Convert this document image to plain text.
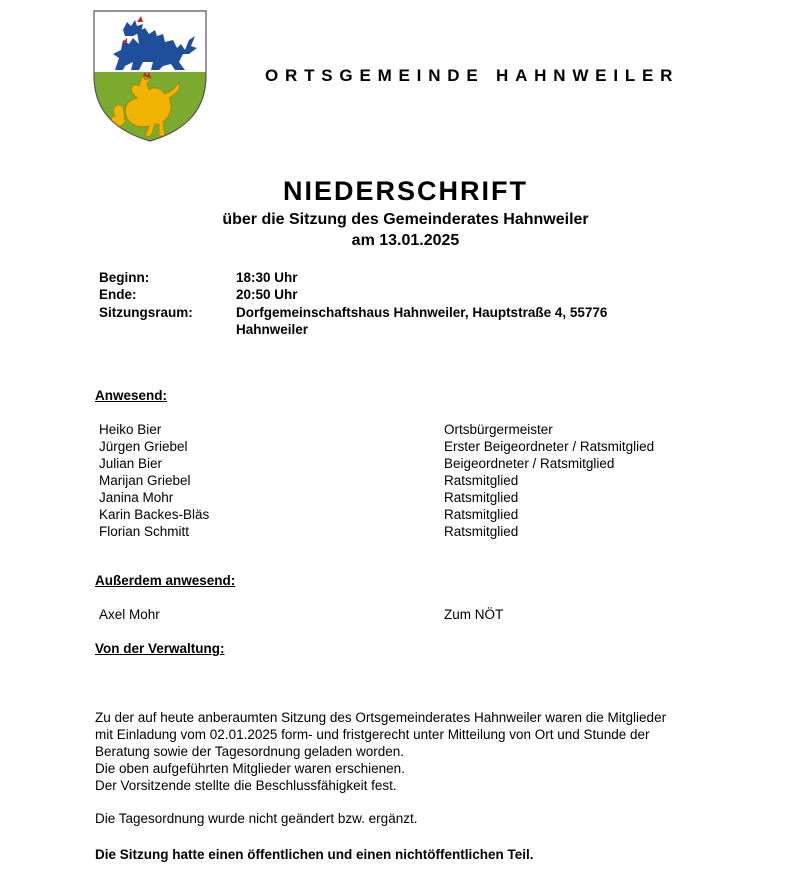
ORTSGEMEINDE HAHNWEILER
NIEDERSCHRIFT
über die Sitzung des Gemeinderates Hahnweiler
am 13.01.2025
Beginn:	18:30 Uhr
Ende:	20:50 Uhr
Sitzungsraum:	Dorfgemeinschaftshaus Hahnweiler, Hauptstraße 4, 55776 Hahnweiler
Anwesend:
Heiko Bier	Ortsbürgermeister
Jürgen Griebel	Erster Beigeordneter / Ratsmitglied
Julian Bier	Beigeordneter / Ratsmitglied
Marijan Griebel	Ratsmitglied
Janina Mohr	Ratsmitglied
Karin Backes-Bläs	Ratsmitglied
Florian Schmitt	Ratsmitglied
Außerdem anwesend:
Axel Mohr	Zum NÖT
Von der Verwaltung:
Zu der auf heute anberaumten Sitzung des Ortsgemeinderates Hahnweiler waren die Mitglieder
mit Einladung vom 02.01.2025 form- und fristgerecht unter Mitteilung von Ort und Stunde der
Beratung sowie der Tagesordnung geladen worden.
Die oben aufgeführten Mitglieder waren erschienen.
Der Vorsitzende stellte die Beschlussfähigkeit fest.
Die Tagesordnung wurde nicht geändert bzw. ergänzt.
Die Sitzung hatte einen öffentlichen und einen nichtöffentlichen Teil.
